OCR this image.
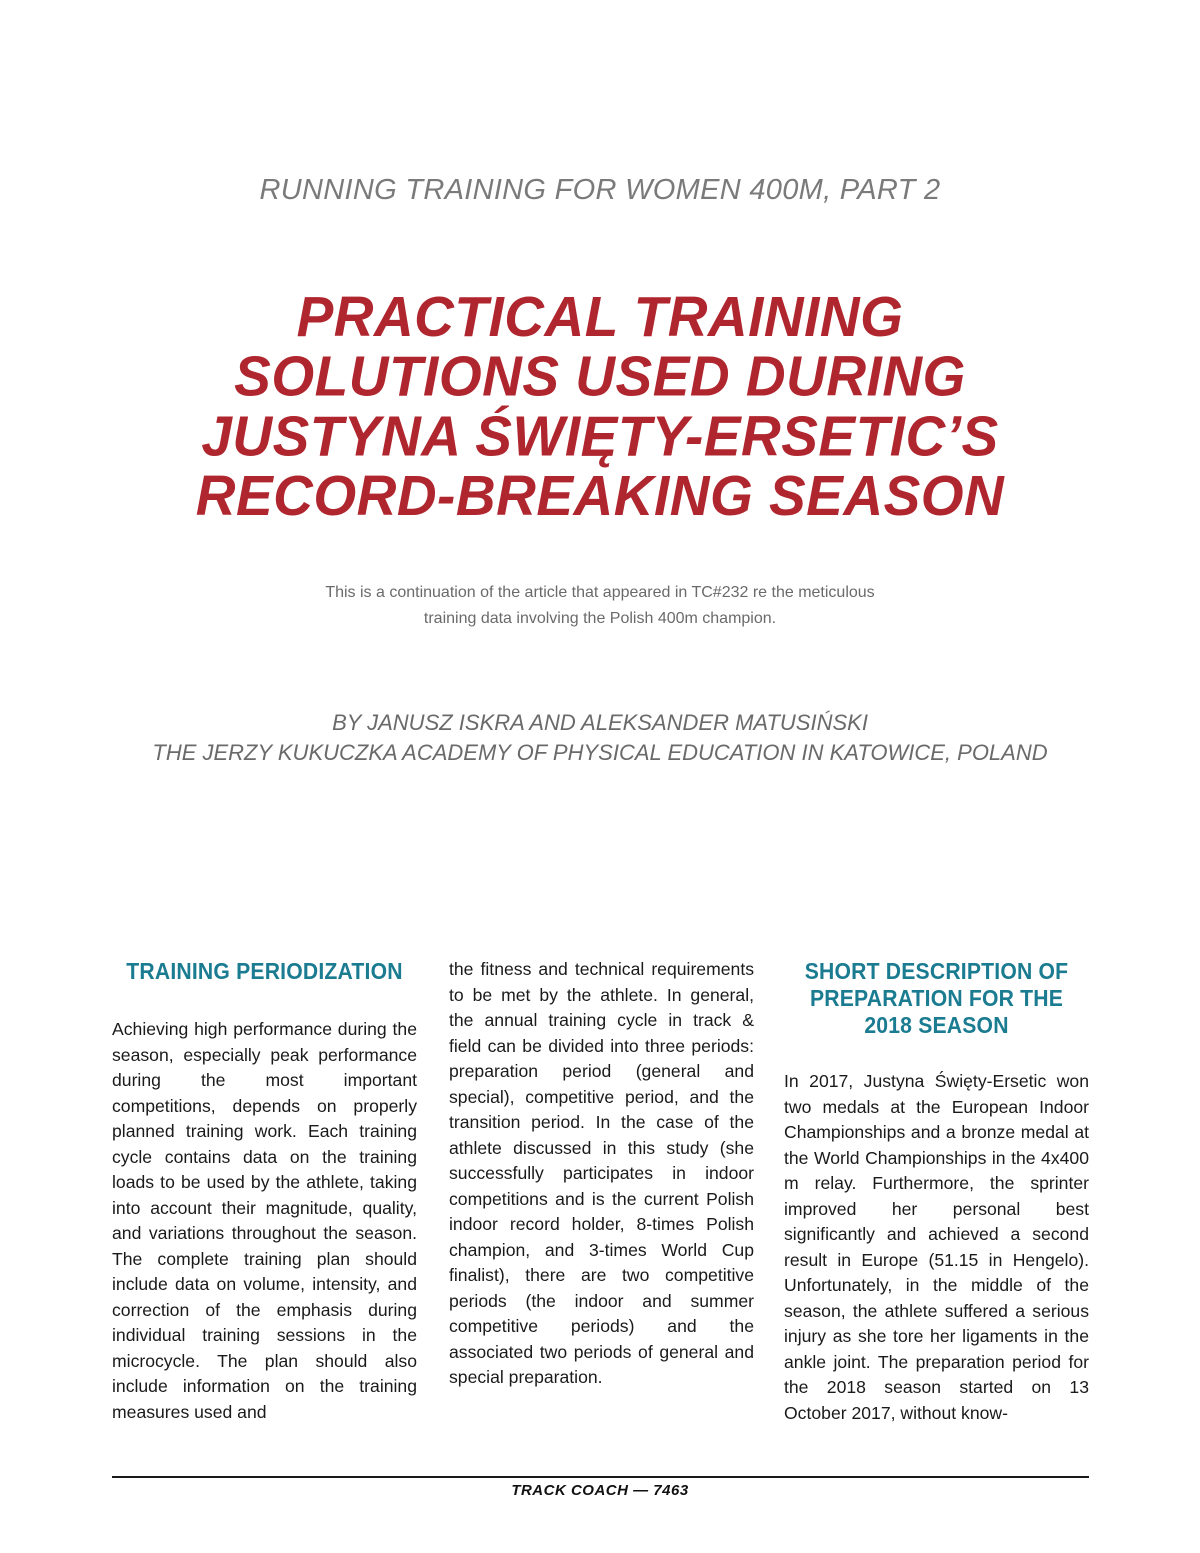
RUNNING TRAINING FOR WOMEN 400M, PART 2
PRACTICAL TRAINING
SOLUTIONS USED DURING
JUSTYNA ŚWIĘTY-ERSETIC’S
RECORD-BREAKING SEASON

This is a continuation of the article that appeared in TC#232 re the meticulous
training data involving the Polish 400m champion.

BY JANUSZ ISKRA AND ALEKSANDER MATUSIŃSKI
THE JERZY KUKUCZKA ACADEMY OF PHYSICAL EDUCATION IN KATOWICE, POLAND

TRAINING PERIODIZATION

Achieving high performance during the season, especially peak performance during the most important competitions, depends on properly planned training work. Each training cycle contains data on the training loads to be used by the athlete, taking into account their magnitude, quality, and variations throughout the season. The complete training plan should include data on volume, intensity, and correction of the emphasis during individual training sessions in the microcycle. The plan should also include information on the training measures used and

the fitness and technical requirements to be met by the athlete. In general, the annual training cycle in track & field can be divided into three periods: preparation period (general and special), competitive period, and the transition period. In the case of the athlete discussed in this study (she successfully participates in indoor competitions and is the current Polish indoor record holder, 8-times Polish champion, and 3-times World Cup finalist), there are two competitive periods (the indoor and summer competitive periods) and the associated two periods of general and special preparation.

SHORT DESCRIPTION OF
PREPARATION FOR THE
2018 SEASON

In 2017, Justyna Święty-Ersetic won two medals at the European Indoor Championships and a bronze medal at the World Championships in the 4x400 m relay. Furthermore, the sprinter improved her personal best significantly and achieved a second result in Europe (51.15 in Hengelo). Unfortunately, in the middle of the season, the athlete suffered a serious injury as she tore her ligaments in the ankle joint. The preparation period for the 2018 season started on 13 October 2017, without know-

TRACK COACH — 7463
